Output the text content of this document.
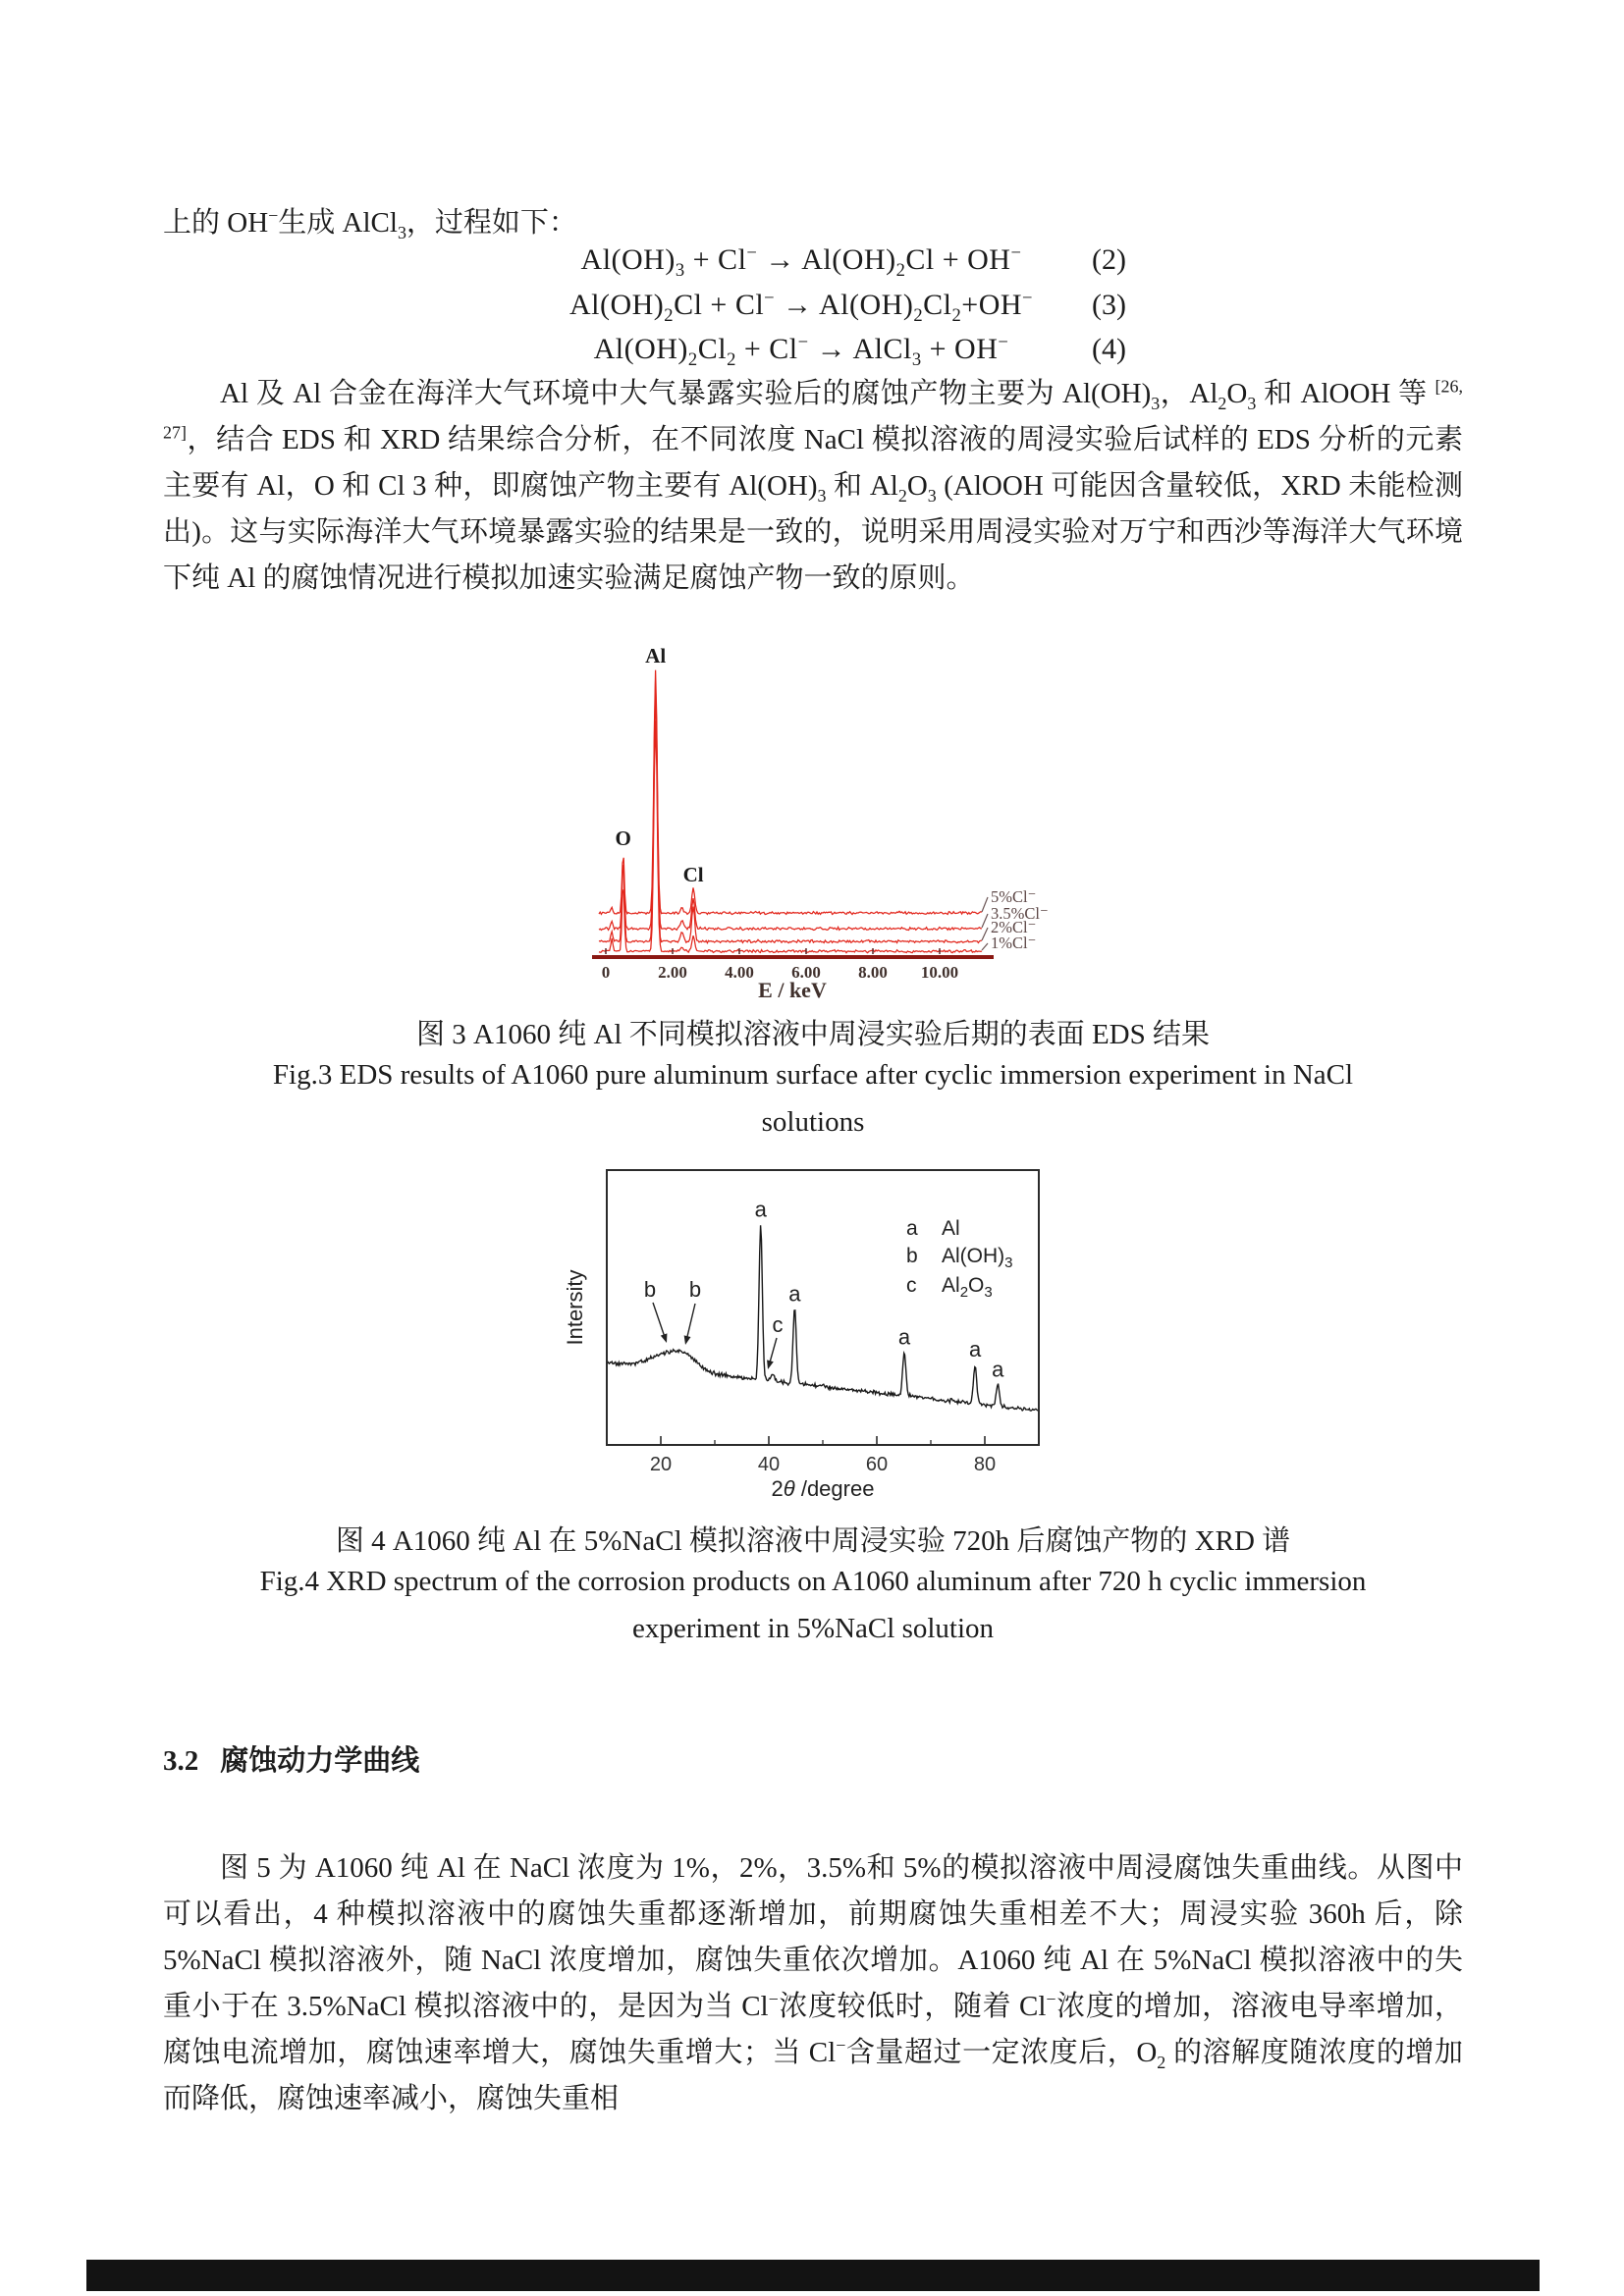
上的 OH−生成 AlCl$_3$，过程如下：

$Al(OH)_3 + Cl^- \to Al(OH)_2Cl + OH^-$	(2)
$Al(OH)_2Cl + Cl^- \to Al(OH)_2Cl_2+OH^-$	(3)
$Al(OH)_2Cl_2 + Cl^-$ → AlCl$_3$ + OH−	(4)

Al 及 Al 合金在海洋大气环境中大气暴露实验后的腐蚀产物主要为 $Al(OH)_3$，$Al_2O_3$ 和 AlOOH 等 [26, 27]，结合 EDS 和 XRD 结果综合分析，在不同浓度 NaCl 模拟溶液的周浸实验后试样的 EDS 分析的元素主要有 Al，O 和 Cl 3 种，即腐蚀产物主要有 $Al(OH)_3$ 和 $Al_2O_3$ (AlOOH 可能因含量较低，XRD 未能检测出)。这与实际海洋大气环境暴露实验的结果是一致的，说明采用周浸实验对万宁和西沙等海洋大气环境下纯 Al 的腐蚀情况进行模拟加速实验满足腐蚀产物一致的原则。

5%Cl⁻
3.5%Cl⁻
2%Cl⁻
1%Cl⁻
0	2.00 4.00 6.00 8.00 10.00
E / keV
O
Al
Cl

图 3 A1060 纯 Al 不同模拟溶液中周浸实验后期的表面 EDS 结果

Fig.3 EDS results of A1060 pure aluminum surface after cyclic immersion experiment in NaCl

solutions

20	40	60	80
2θ /degree
Intersity
a
a
a	a
a
b b
c
a Al
b $Al(OH)_3$
c $Al_2O_3$

图 4 A1060 纯 Al 在 5%NaCl 模拟溶液中周浸实验 720h 后腐蚀产物的 XRD 谱

Fig.4 XRD spectrum of the corrosion products on A1060 aluminum after 720 h cyclic immersion

experiment in 5%NaCl solution

3.2 腐蚀动力学曲线

图 5 为 A1060 纯 Al 在 NaCl 浓度为 1%，2%，3.5%和 5%的模拟溶液中周浸腐蚀失重曲线。从图中可以看出，4 种模拟溶液中的腐蚀失重都逐渐增加，前期腐蚀失重相差不大；周浸实验 360h 后，除 5%NaCl 模拟溶液外，随 NaCl 浓度增加，腐蚀失重依次增加。A1060 纯 Al 在 5%NaCl 模拟溶液中的失重小于在 3.5%NaCl 模拟溶液中的，是因为当 Cl−浓度较低时，随着 Cl−浓度的增加，溶液电导率增加，腐蚀电流增加，腐蚀速率增大，腐蚀失重增大；当 Cl−含量超过一定浓度后，$O_2$ 的溶解度随浓度的增加而降低，腐蚀速率减小，腐蚀失重相
